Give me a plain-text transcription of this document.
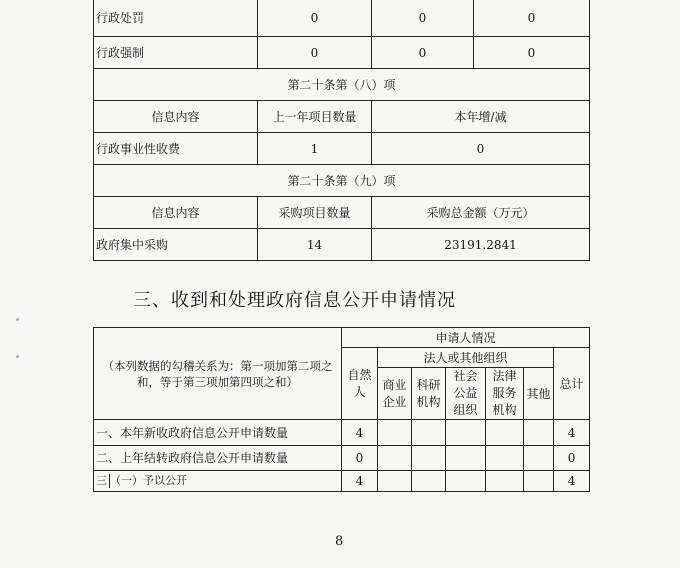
行政处罚	0	0	0
行政强制	0	0	0
第二十条第（八）项			
信息内容	上一年项目数量	本年增/减	
行政事业性收费	1	0	
第二十条第（九）项			
信息内容	采购项目数量	采购总金额（万元）	
政府集中采购	14	23191.2841	
三、收到和处理政府信息公开申请情况
（本列数据的勾稽关系为：第一项加第二项之和，等于第三项加第四项之和）	申请人情况						
	自然人	法人或其他组织					总计
		商业企业	科研机构	社会公益组织	法律服务机构	其他	

一、本年新收政府信息公开申请数量	4						4
二、上年结转政府信息公开申请数量	0						0
三 （一）予以公开	4						4
8
